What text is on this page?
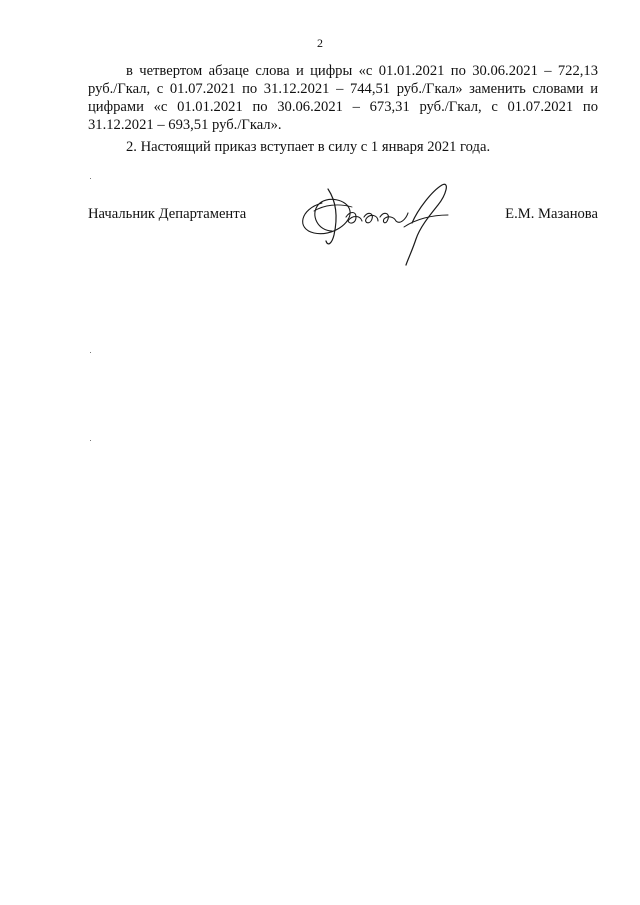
2

в четвертом абзаце слова и цифры «с 01.01.2021 по 30.06.2021 – 722,13 руб./Гкал, с 01.07.2021 по 31.12.2021 – 744,51 руб./Гкал» заменить словами и цифрами «с 01.01.2021 по 30.06.2021 – 673,31 руб./Гкал, с 01.07.2021 по 31.12.2021 – 693,51 руб./Гкал».

2. Настоящий приказ вступает в силу с 1 января 2021 года.

Начальник Департамента	Е.М. Мазанова
